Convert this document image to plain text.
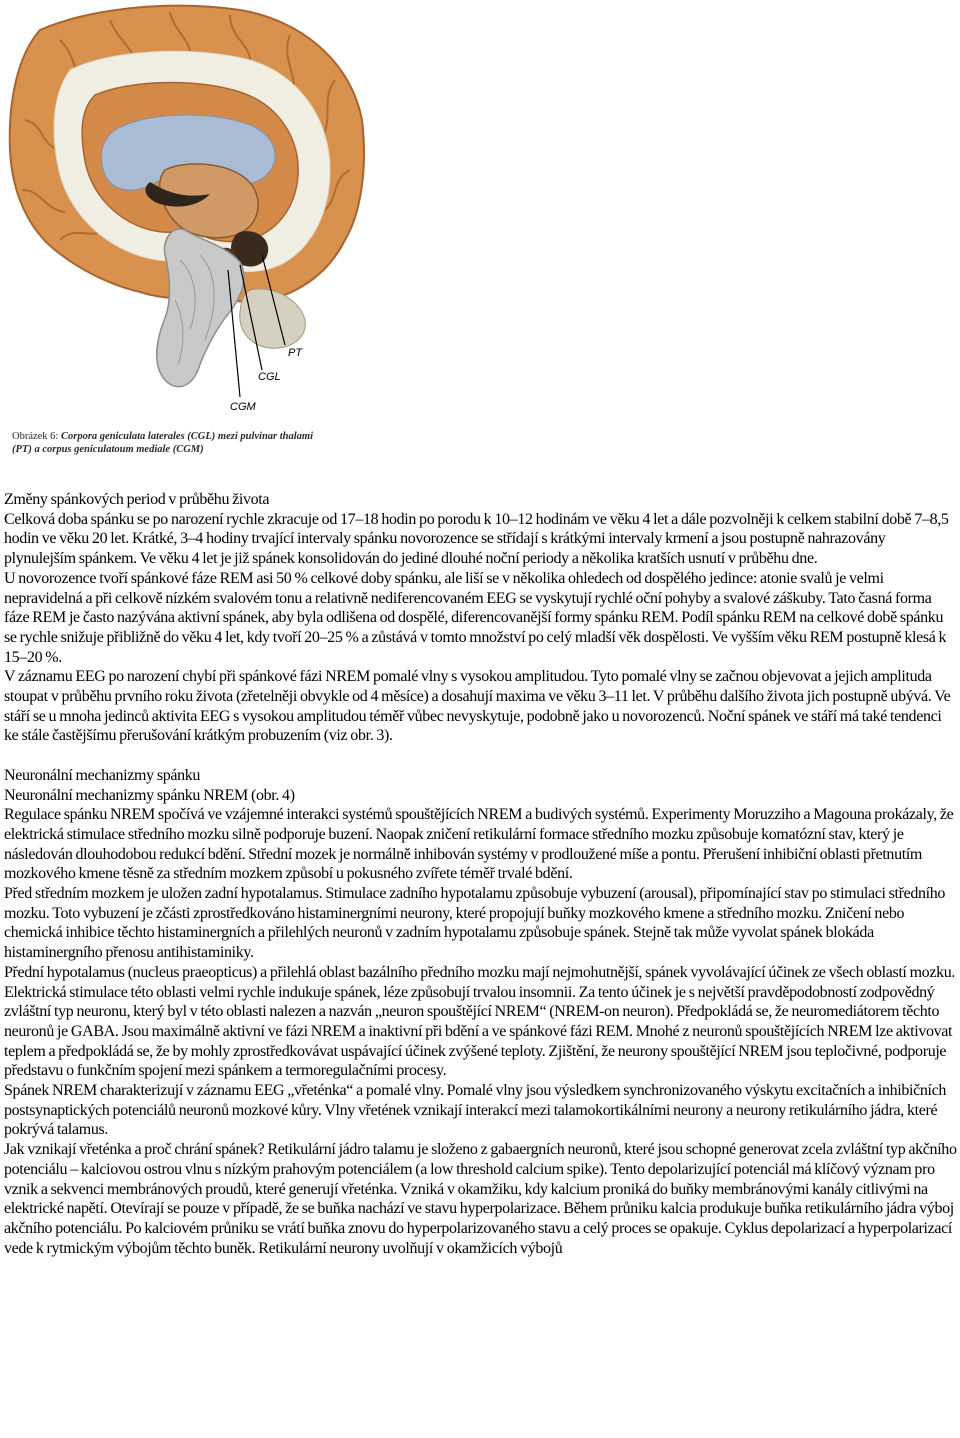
PT
CGL
CGM
Obrázek 6: Corpora geniculata laterales (CGL) mezi pulvinar thalami
(PT) a corpus geniculatoum mediale (CGM)

Změny spánkových period v průběhu života

Celková doba spánku se po narození rychle zkracuje od 17–18 hodin po porodu k 10–12 hodinám ve věku 4 let a dále pozvolněji k celkem stabilní době 7–8,5 hodin ve věku 20 let. Krátké, 3–4 hodiny trvající intervaly spánku novorozence se střídají s krátkými intervaly krmení a jsou postupně nahrazovány plynulejším spánkem. Ve věku 4 let je již spánek konsolidován do jediné dlouhé noční periody a několika kratších usnutí v průběhu dne.

U novorozence tvoří spánkové fáze REM asi 50 % celkové doby spánku, ale liší se v několika ohledech od dospělého jedince: atonie svalů je velmi nepravidelná a při celkově nízkém svalovém tonu a relativně nediferencovaném EEG se vyskytují rychlé oční pohyby a svalové záškuby. Tato časná forma fáze REM je často nazývána aktivní spánek, aby byla odlišena od dospělé, diferencovanější formy spánku REM. Podíl spánku REM na celkové době spánku se rychle snižuje přibližně do věku 4 let, kdy tvoří 20–25 % a zůstává v tomto množství po celý mladší věk dospělosti. Ve vyšším věku REM postupně klesá k 15–20 %.

V záznamu EEG po narození chybí při spánkové fázi NREM pomalé vlny s vysokou amplitudou. Tyto pomalé vlny se začnou objevovat a jejich amplituda stoupat v průběhu prvního roku života (zřetelněji obvykle od 4 měsíce) a dosahují maxima ve věku 3–11 let. V průběhu dalšího života jich postupně ubývá. Ve stáří se u mnoha jedinců aktivita EEG s vysokou amplitudou téměř vůbec nevyskytuje, podobně jako u novorozenců. Noční spánek ve stáří má také tendenci ke stále častějšímu přerušování krátkým probuzením (viz obr. 3).

Neuronální mechanizmy spánku

Neuronální mechanizmy spánku NREM (obr. 4)

Regulace spánku NREM spočívá ve vzájemné interakci systémů spouštějících NREM a budivých systémů. Experimenty Moruzziho a Magouna prokázaly, že elektrická stimulace středního mozku silně podporuje buzení. Naopak zničení retikulární formace středního mozku způsobuje komatózní stav, který je následován dlouhodobou redukcí bdění. Střední mozek je normálně inhibován systémy v prodloužené míše a pontu. Přerušení inhibiční oblasti přetnutím mozkového kmene těsně za středním mozkem způsobí u pokusného zvířete téměř trvalé bdění.

Před středním mozkem je uložen zadní hypotalamus. Stimulace zadního hypotalamu způsobuje vybuzení (arousal), připomínající stav po stimulaci středního mozku. Toto vybuzení je zčásti zprostředkováno histaminergními neurony, které propojují buňky mozkového kmene a středního mozku. Zničení nebo chemická inhibice těchto histaminergních a přilehlých neuronů v zadním hypotalamu způsobuje spánek. Stejně tak může vyvolat spánek blokáda histaminergního přenosu antihistaminiky.

Přední hypotalamus (nucleus praeopticus) a přilehlá oblast bazálního předního mozku mají nejmohutnější, spánek vyvolávající účinek ze všech oblastí mozku. Elektrická stimulace této oblasti velmi rychle indukuje spánek, léze způsobují trvalou insomnii. Za tento účinek je s největší pravděpodobností zodpovědný zvláštní typ neuronu, který byl v této oblasti nalezen a nazván „neuron spouštějící NREM“ (NREM-on neuron). Předpokládá se, že neuromediátorem těchto neuronů je GABA. Jsou maximálně aktivní ve fázi NREM a inaktivní při bdění a ve spánkové fázi REM. Mnohé z neuronů spouštějících NREM lze aktivovat teplem a předpokládá se, že by mohly zprostředkovávat uspávající účinek zvýšené teploty. Zjištění, že neurony spouštějící NREM jsou tepločivné, podporuje představu o funkčním spojení mezi spánkem a termoregulačními procesy.

Spánek NREM charakterizují v záznamu EEG „vřeténka“ a pomalé vlny. Pomalé vlny jsou výsledkem synchronizovaného výskytu excitačních a inhibičních postsynaptických potenciálů neuronů mozkové kůry. Vlny vřetének vznikají interakcí mezi talamokortikálními neurony a neurony retikulárního jádra, které pokrývá talamus.

Jak vznikají vřeténka a proč chrání spánek? Retikulární jádro talamu je složeno z gabaergních neuronů, které jsou schopné generovat zcela zvláštní typ akčního potenciálu – kalciovou ostrou vlnu s nízkým prahovým potenciálem (a low threshold calcium spike). Tento depolarizující potenciál má klíčový význam pro vznik a sekvenci membránových proudů, které generují vřeténka. Vzniká v okamžiku, kdy kalcium proniká do buňky membránovými kanály citlivými na elektrické napětí. Otevírají se pouze v případě, že se buňka nachází ve stavu hyperpolarizace. Během průniku kalcia produkuje buňka retikulárního jádra výboj akčního potenciálu. Po kalciovém průniku se vrátí buňka znovu do hyperpolarizovaného stavu a celý proces se opakuje. Cyklus depolarizací a hyperpolarizací vede k rytmickým výbojům těchto buněk. Retikulární neurony uvolňují v okamžicích výbojů
